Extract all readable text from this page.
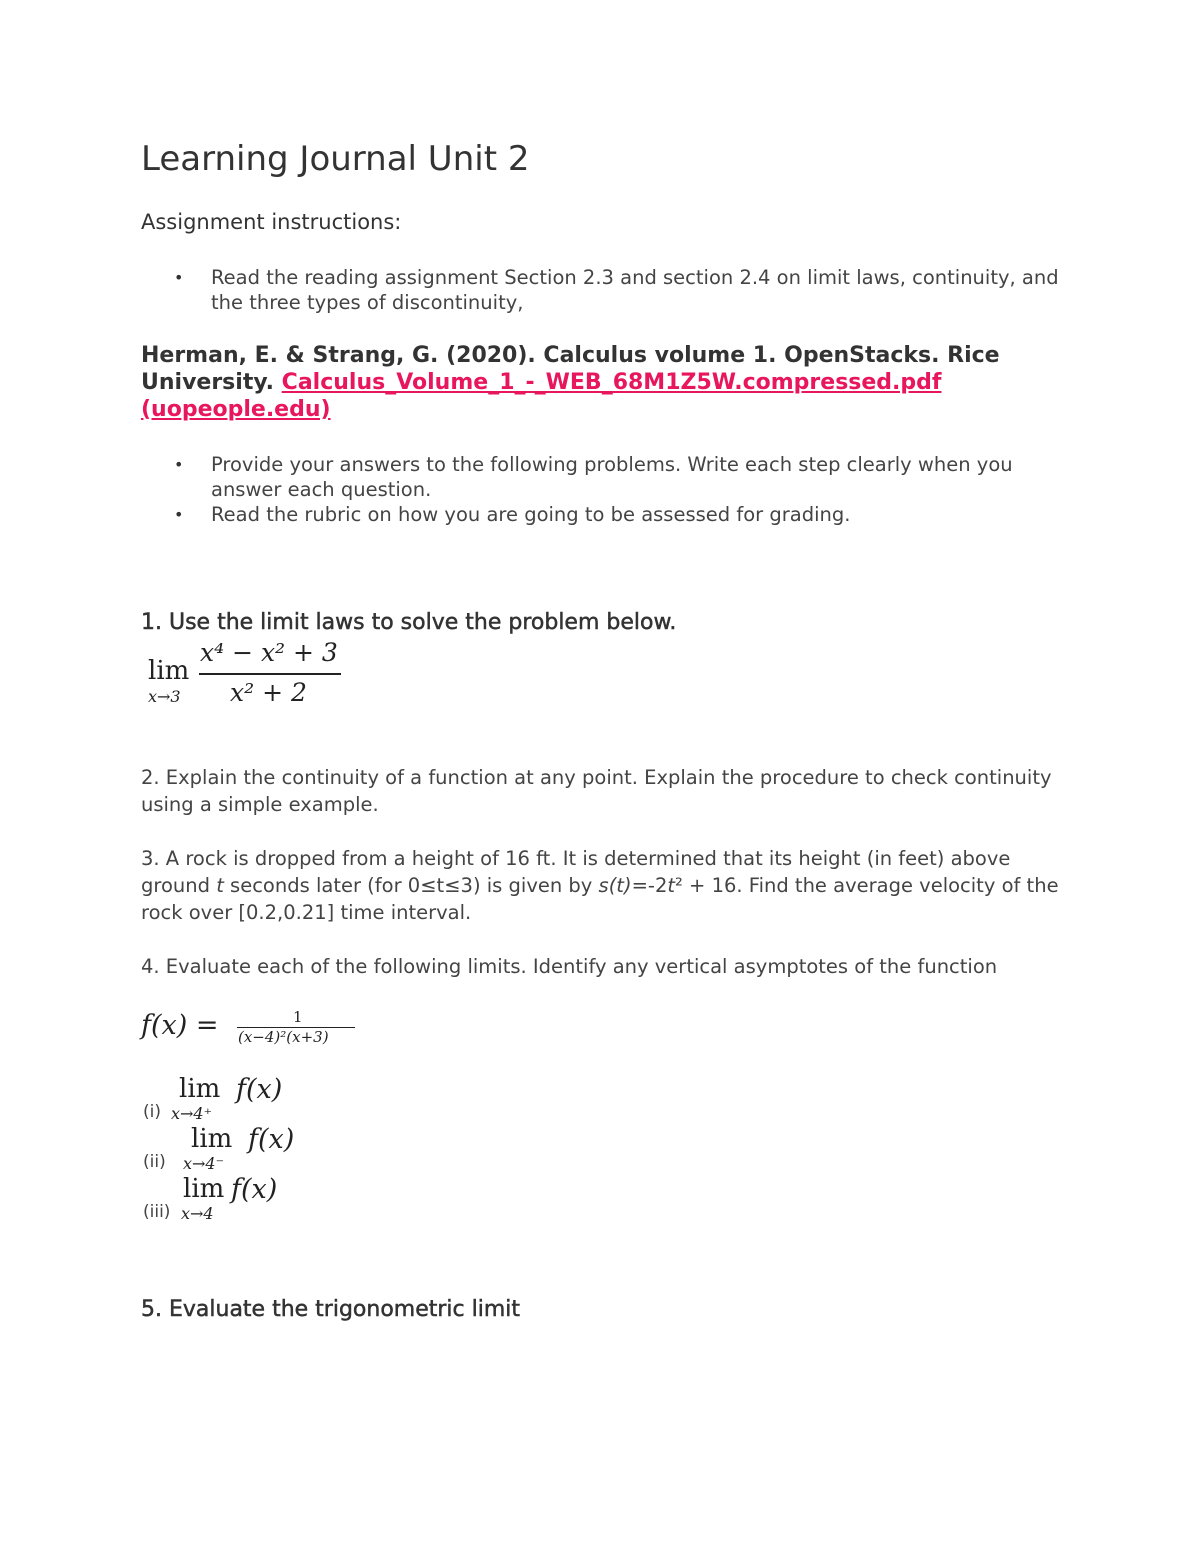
Learning Journal Unit 2
Assignment instructions:
• Read the reading assignment Section 2.3 and section 2.4 on limit laws, continuity, and the three types of discontinuity,
Herman, E. & Strang, G. (2020). Calculus volume 1. OpenStacks. Rice University. Calculus_Volume_1_-_WEB_68M1Z5W.compressed.pdf (uopeople.edu)
• Provide your answers to the following problems. Write each step clearly when you answer each question.
• Read the rubric on how you are going to be assessed for grading.
1. Use the limit laws to solve the problem below.
lim
x→3
x⁴ − x² + 3
x² + 2
2. Explain the continuity of a function at any point. Explain the procedure to check continuity using a simple example.
3. A rock is dropped from a height of 16 ft. It is determined that its height (in feet) above ground t seconds later (for 0≤t≤3) is given by s(t)=-2t² + 16. Find the average velocity of the rock over [0.2,0.21] time interval.
4. Evaluate each of the following limits. Identify any vertical asymptotes of the function
f(x) =	1
(x−4)²(x+3)
(i)
lim
x→4⁺
f(x)
(ii)
lim
x→4⁻
f(x)
(iii)
lim
x→4
f(x)
5. Evaluate the trigonometric limit
